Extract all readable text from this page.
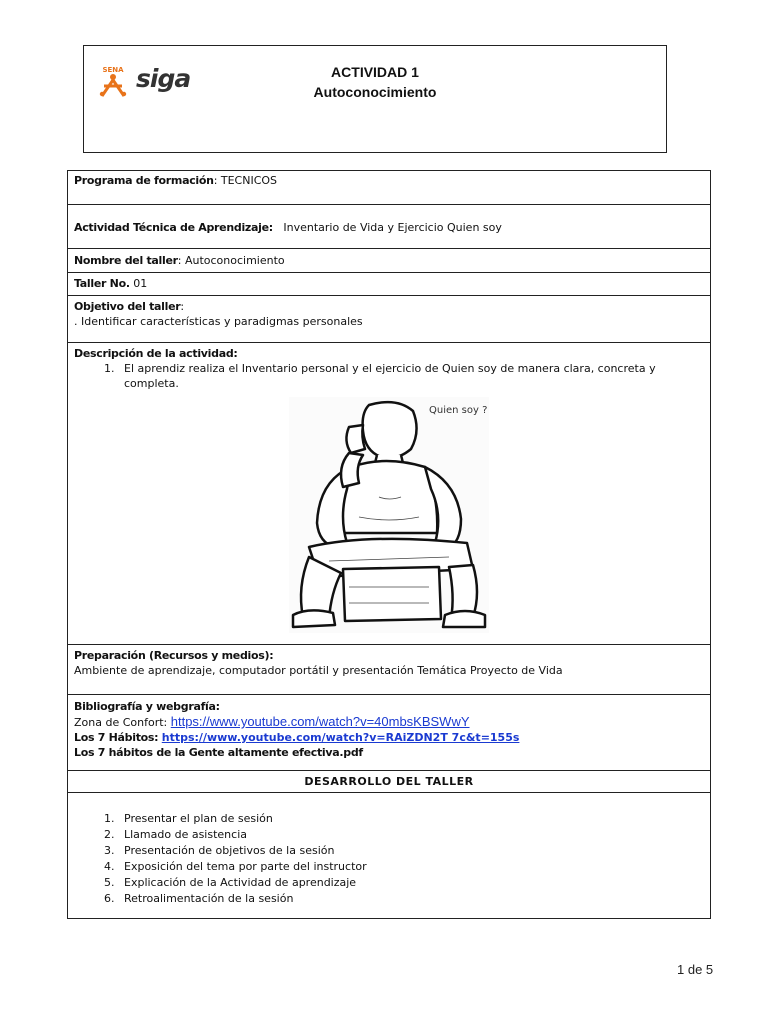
SENA siga	ACTIVIDAD 1
Autoconocimiento
Programa de formación: TECNICOS
Actividad Técnica de Aprendizaje: Inventario de Vida y Ejercicio Quien soy
Nombre del taller: Autoconocimiento
Taller No. 01
Objetivo del taller:
. Identificar características y paradigmas personales
Descripción de la actividad:
1. El aprendiz realiza el Inventario personal y el ejercicio de Quien soy de manera clara, concreta y completa.
Quien soy ?
Preparación (Recursos y medios):
Ambiente de aprendizaje, computador portátil y presentación Temática Proyecto de Vida
Bibliografía y webgrafía:
Zona de Confort: https://www.youtube.com/watch?v=40mbsKBSWwY
Los 7 Hábitos: https://www.youtube.com/watch?v=RAiZDN2T 7c&t=155s
Los 7 hábitos de la Gente altamente efectiva.pdf
DESARROLLO DEL TALLER
1. Presentar el plan de sesión
2. Llamado de asistencia
3. Presentación de objetivos de la sesión
4. Exposición del tema por parte del instructor
5. Explicación de la Actividad de aprendizaje
6. Retroalimentación de la sesión
1 de 5
